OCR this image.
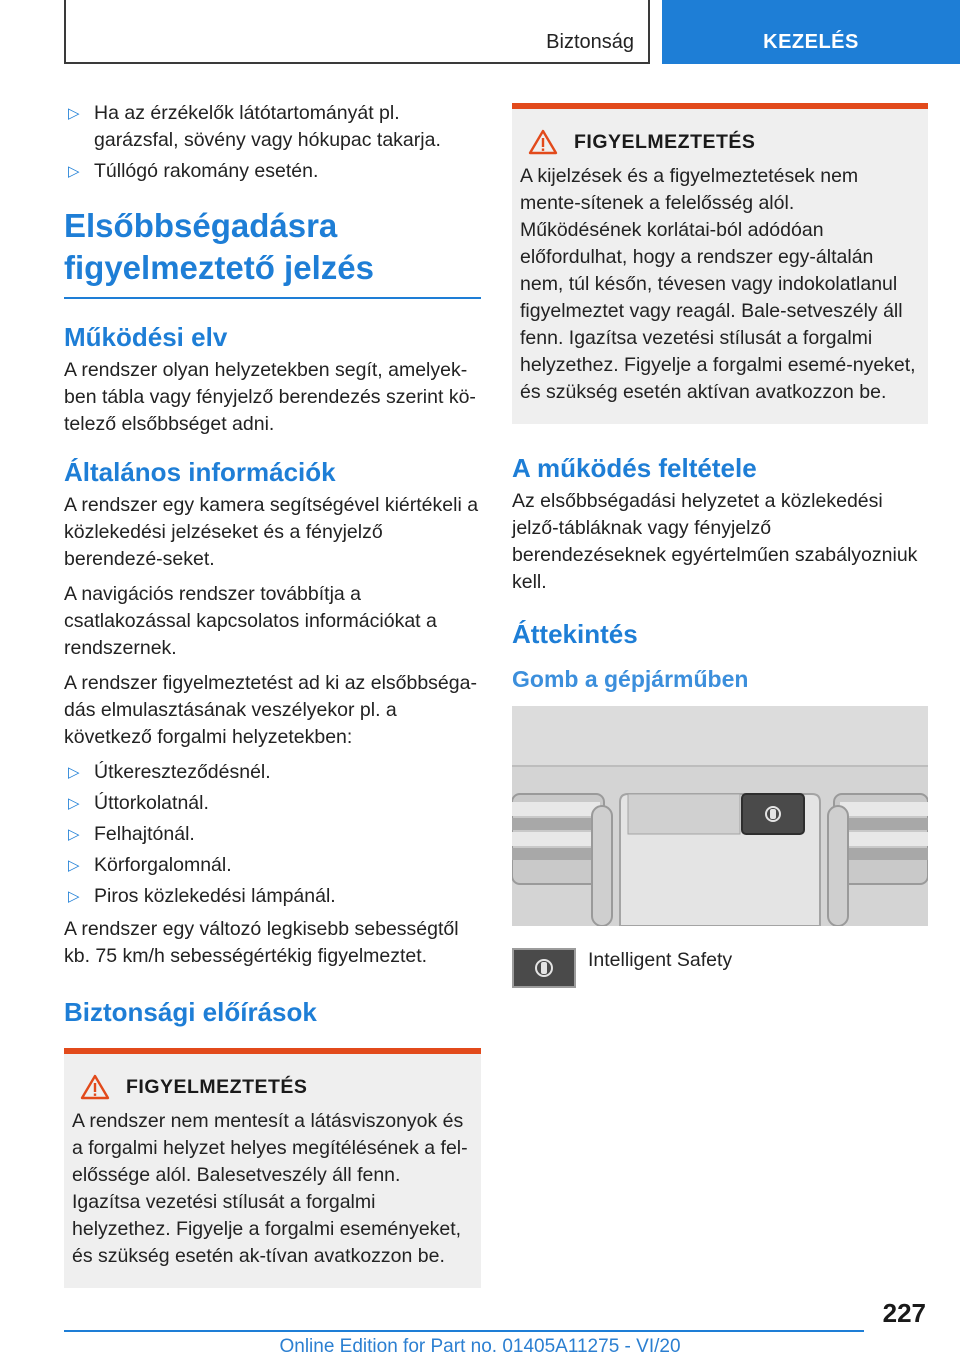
Biztonság	KEZELÉS
▷ Ha az érzékelők látótartományát pl. garázsfal, sövény vagy hókupac takarja.
▷ Túllógó rakomány esetén.
Elsőbbségadásra figyelmeztető jelzés
Működési elv

A rendszer olyan helyzetekben segít, amelyek-ben tábla vagy fényjelző berendezés szerint kö-telező elsőbbséget adni.

Általános információk

A rendszer egy kamera segítségével kiértékeli a közlekedési jelzéseket és a fényjelző berendezé-seket.

A navigációs rendszer továbbítja a csatlakozással kapcsolatos információkat a rendszernek.

A rendszer figyelmeztetést ad ki az elsőbbséga-dás elmulasztásának veszélyekor pl. a következő forgalmi helyzetekben:

▷ Útkereszteződésnél.
▷ Úttorkolatnál.
▷ Felhajtónál.
▷ Körforgalomnál.
▷ Piros közlekedési lámpánál.

A rendszer egy változó legkisebb sebességtől kb. 75 km/h sebességértékig figyelmeztet.

Biztonsági előírások
FIGYELMEZTETÉS

A rendszer nem mentesít a látásviszonyok és a forgalmi helyzet helyes megítélésének a fel-előssége alól. Balesetveszély áll fenn. Igazítsa vezetési stílusát a forgalmi helyzethez. Figyelje a forgalmi eseményeket, és szükség esetén ak-tívan avatkozzon be.

FIGYELMEZTETÉS

A kijelzések és a figyelmeztetések nem mente-sítenek a felelősség alól. Működésének korlátai-ból adódóan előfordulhat, hogy a rendszer egy-általán nem, túl későn, tévesen vagy indokolatlanul figyelmeztet vagy reagál. Bale-setveszély áll fenn. Igazítsa vezetési stílusát a forgalmi helyzethez. Figyelje a forgalmi esemé-nyeket, és szükség esetén aktívan avatkozzon be.

A működés feltétele

Az elsőbbségadási helyzetet a közlekedési jelző-tábláknak vagy fényjelző berendezéseknek egyértelműen szabályozniuk kell.

Áttekintés
Gomb a gépjárműben
Intelligent Safety
227
Online Edition for Part no. 01405A11275 - VI/20
